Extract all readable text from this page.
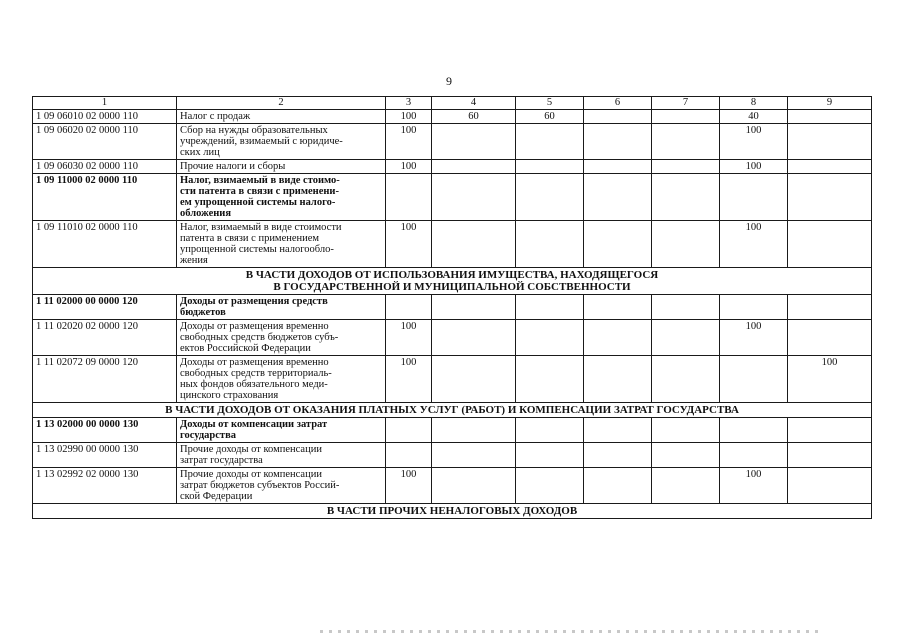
9
1	2	3	4	5	6	7	8	9
1 09 06010 02 0000 110	Налог с продаж	100	60	60			40	
1 09 06020 02 0000 110	Сбор на нужды образовательных
учреждений, взимаемый с юридиче-
ских лиц	100					100	
1 09 06030 02 0000 110	Прочие налоги и сборы	100					100	
1 09 11000 02 0000 110	Налог, взимаемый в виде стоимо-
сти патента в связи с применени-
ем упрощенной системы налого-
обложения							
1 09 11010 02 0000 110	Налог, взимаемый в виде стоимости
патента в связи с применением
упрощенной системы налогообло-
жения	100					100	
В ЧАСТИ ДОХОДОВ ОТ ИСПОЛЬЗОВАНИЯ ИМУЩЕСТВА, НАХОДЯЩЕГОСЯ
В ГОСУДАРСТВЕННОЙ И МУНИЦИПАЛЬНОЙ СОБСТВЕННОСТИ								
1 11 02000 00 0000 120	Доходы от размещения средств
бюджетов							
1 11 02020 02 0000 120	Доходы от размещения временно
свободных средств бюджетов субъ-
ектов Российской Федерации	100					100	
1 11 02072 09 0000 120	Доходы от размещения временно
свободных средств территориаль-
ных фондов обязательного меди-
цинского страхования	100						100
В ЧАСТИ ДОХОДОВ ОТ ОКАЗАНИЯ ПЛАТНЫХ УСЛУГ (РАБОТ) И КОМПЕНСАЦИИ ЗАТРАТ ГОСУДАРСТВА								
1 13 02000 00 0000 130	Доходы от компенсации затрат
государства							
1 13 02990 00 0000 130	Прочие доходы от компенсации
затрат государства							
1 13 02992 02 0000 130	Прочие доходы от компенсации
затрат бюджетов субъектов Россий-
ской Федерации	100					100	
В ЧАСТИ ПРОЧИХ НЕНАЛОГОВЫХ ДОХОДОВ								
